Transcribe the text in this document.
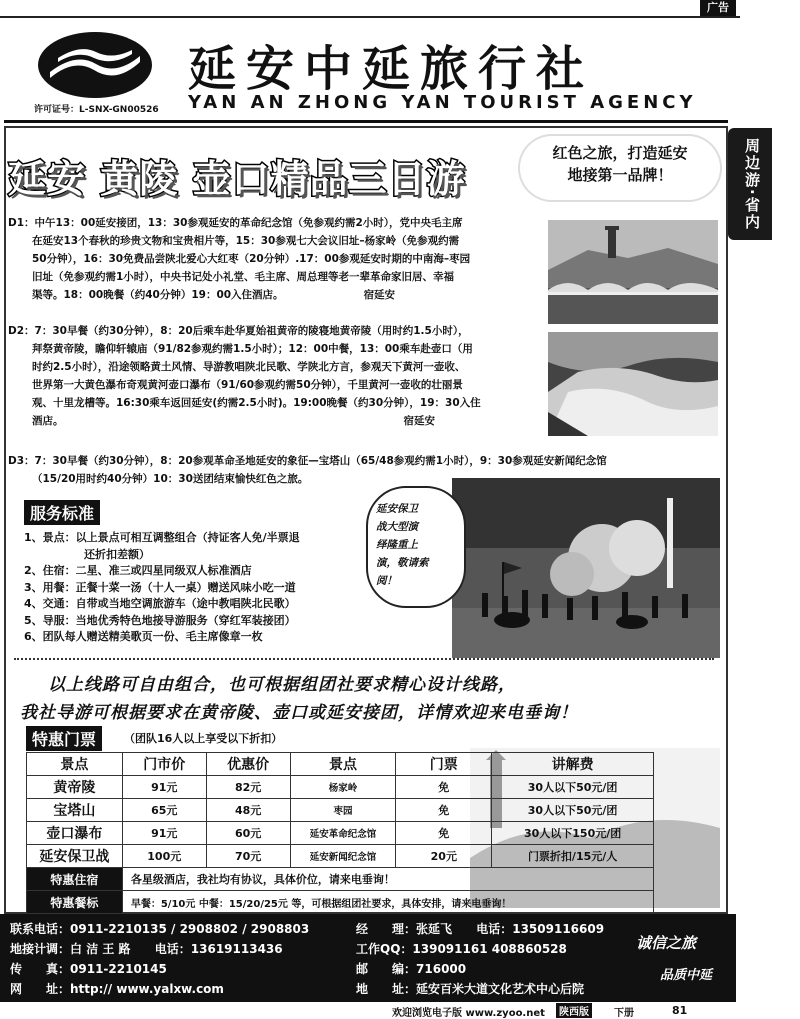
广告
周边游·省内
延安中延旅行社
YAN AN ZHONG YAN TOURIST AGENCY
许可证号：L-SNX-GN00526
延安 黄陵 壶口精品三日游
红色之旅，打造延安
地接第一品牌！
D1：中午13：00延安接团，13：30参观延安的革命纪念馆（免参观约需2小时），党中央毛主席
在延安13个春秋的珍贵文物和宝贵相片等，15：30参观七大会议旧址–杨家岭（免参观约需
50分钟），16：30免费品尝陕北爱心大红枣（20分钟）.17：00参观延安时期的中南海–枣园
旧址（免参观约需1小时），中央书记处小礼堂、毛主席、周总理等老一辈革命家旧居、幸福
渠等。18：00晚餐（约40分钟）19：00入住酒店。	宿延安
D2：7：30早餐（约30分钟），8：20后乘车赴华夏始祖黄帝的陵寝地黄帝陵（用时约1.5小时），
拜祭黄帝陵，瞻仰轩辕庙（91/82参观约需1.5小时）；12：00中餐，13：00乘车赴壶口（用
时约2.5小时），沿途领略黄土风情、导游教唱陕北民歌、学陕北方言，参观天下黄河一壶收、
世界第一大黄色瀑布奇观黄河壶口瀑布（91/60参观约需50分钟），千里黄河一壶收的壮丽景
观、十里龙槽等。16:30乘车返回延安(约需2.5小时)。19:00晚餐（约30分钟），19：30入住
酒店。	宿延安
D3：7：30早餐（约30分钟），8：20参观革命圣地延安的象征—宝塔山（65/48参观约需1小时），9：30参观延安新闻纪念馆
（15/20用时约40分钟）10：30送团结束愉快红色之旅。
服务标准
1、景点：以上景点可相互调整组合（持证客人免/半票退
还折扣差额）
2、住宿：二星、准三或四星同级双人标准酒店
3、用餐：正餐十菜一汤（十人一桌）赠送风味小吃一道
4、交通：自带或当地空调旅游车（途中教唱陕北民歌）
5、导服：当地优秀特色地接导游服务（穿红军装接团）
6、团队每人赠送精美歌页一份、毛主席像章一枚
延安保卫
战大型演
绎隆重上
演，敬请索
阅！
以上线路可自由组合，也可根据组团社要求精心设计线路，
我社导游可根据要求在黄帝陵、壶口或延安接团，详情欢迎来电垂询！
特惠门票	（团队16人以上享受以下折扣）
景点	门市价	优惠价	景点	门票	讲解费
黄帝陵	91元	82元	杨家岭	免	30人以下50元/团
宝塔山	65元	48元	枣园	免	30人以下50元/团
壶口瀑布	91元	60元	延安革命纪念馆	免	30人以下150元/团
延安保卫战	100元	70元	延安新闻纪念馆	20元	门票折扣/15元/人
特惠住宿	各星级酒店，我社均有协议，具体价位，请来电垂询！				
特惠餐标	早餐：5/10元 中餐：15/20/25元 等，可根据组团社要求，具体安排，请来电垂询！				
联系电话：0911-2210135 / 2908802 / 2908803	经　　理：张延飞 电话：13509116609
地接计调：白 洁 王 路 电话：13619113436	工作QQ：139091161 408860528
传　　真：0911-2210145	邮　　编：716000
网　　址：http:// www.yalxw.com	地　　址：延安百米大道文化艺术中心后院
诚信之旅
品质中延
欢迎浏览电子版 www.zyoo.net	陕西版	下册	81
